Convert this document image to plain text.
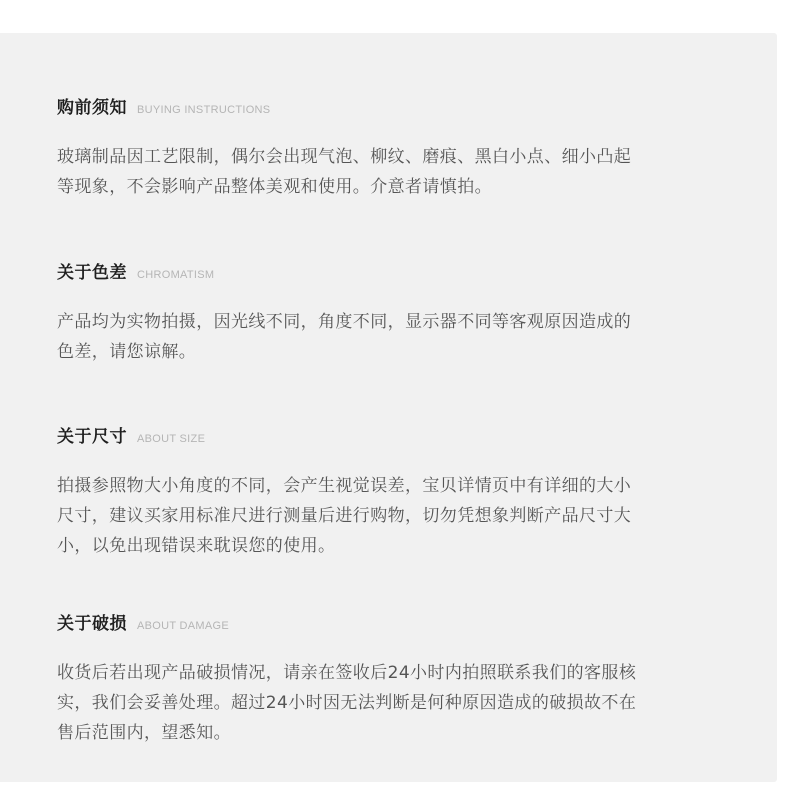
购前须知 BUYING INSTRUCTIONS

玻璃制品因工艺限制，偶尔会出现气泡、柳纹、磨痕、黑白小点、细小凸起
等现象，不会影响产品整体美观和使用。介意者请慎拍。

关于色差 CHROMATISM

产品均为实物拍摄，因光线不同，角度不同，显示器不同等客观原因造成的
色差，请您谅解。

关于尺寸 ABOUT SIZE

拍摄参照物大小角度的不同，会产生视觉误差，宝贝详情页中有详细的大小
尺寸，建议买家用标准尺进行测量后进行购物，切勿凭想象判断产品尺寸大
小，以免出现错误来耽误您的使用。

关于破损 ABOUT DAMAGE

收货后若出现产品破损情况，请亲在签收后24小时内拍照联系我们的客服核
实，我们会妥善处理。超过24小时因无法判断是何种原因造成的破损故不在
售后范围内，望悉知。
